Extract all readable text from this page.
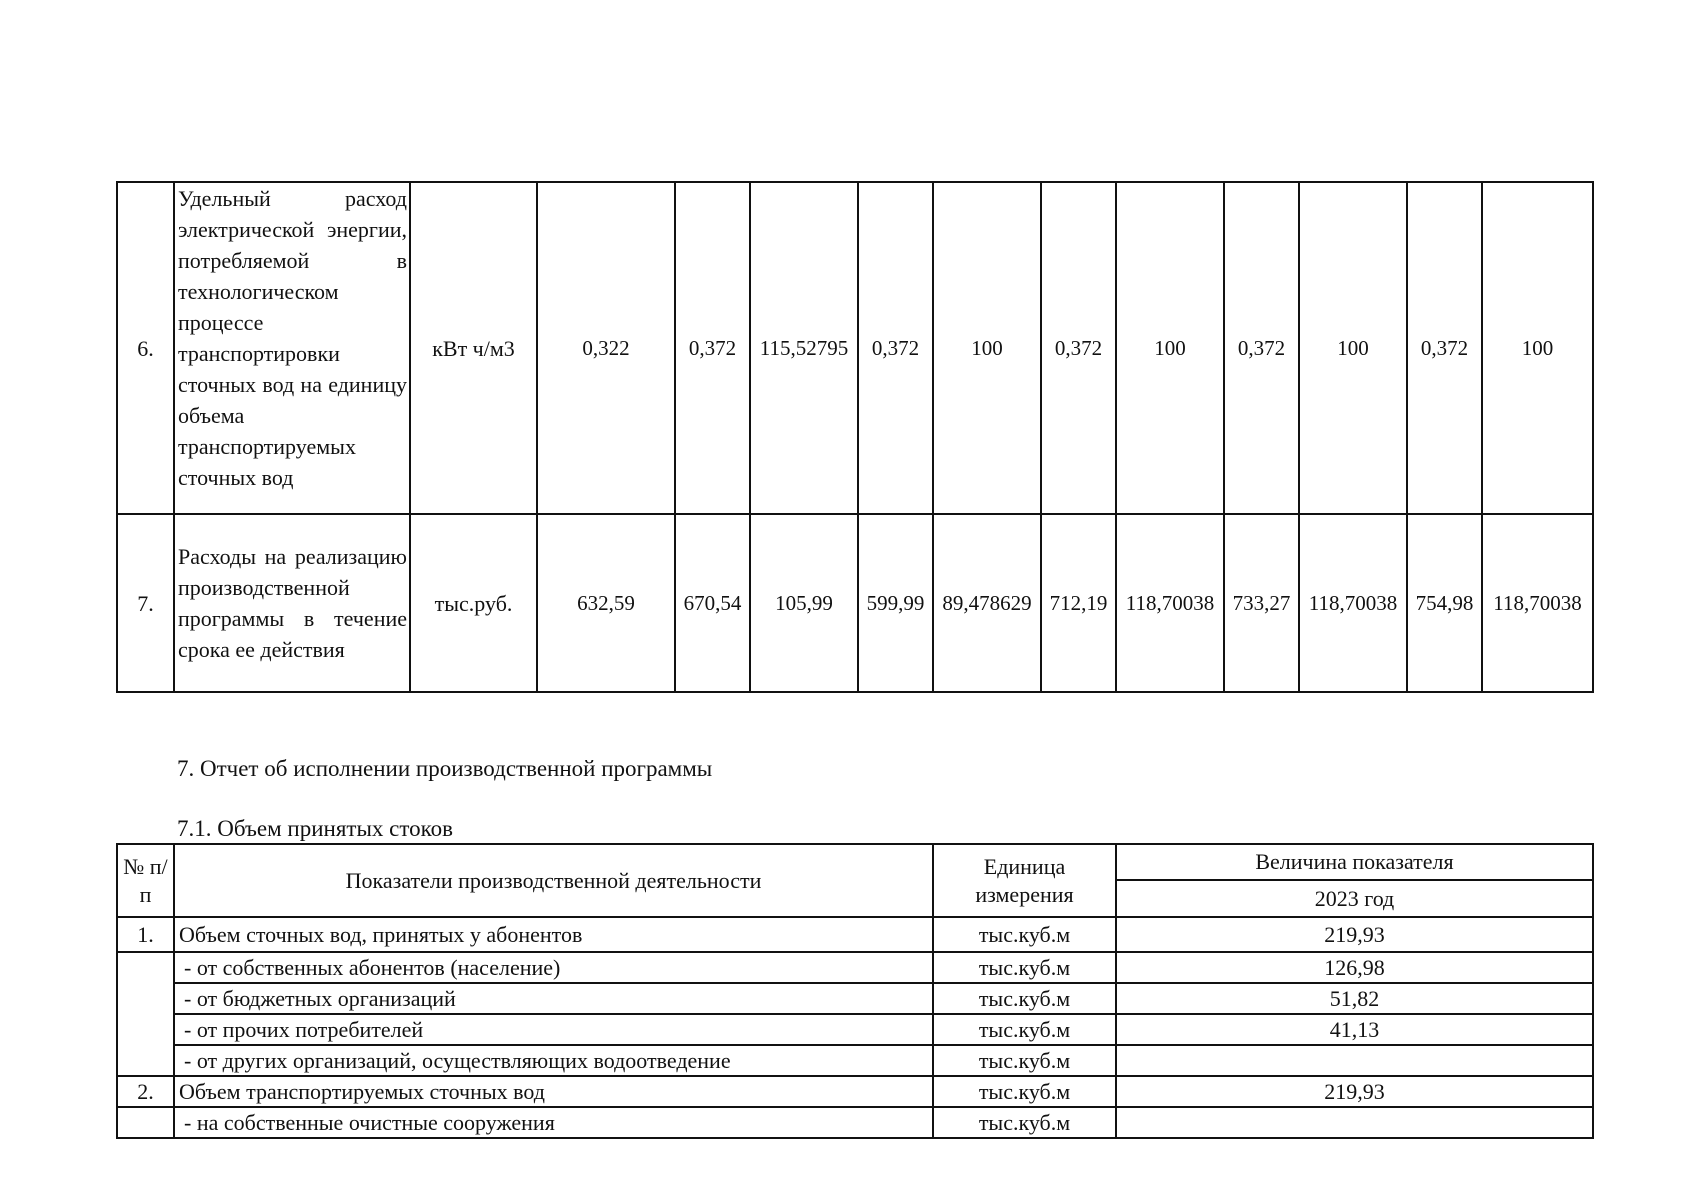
6.	Удельный расход электрической энергии, потребляемой в технологическом процессе транспортировки сточных вод на единицу объема транспортируемых сточных вод	кВт ч/м3	0,322	0,372	115,52795	0,372	100	0,372	100	0,372	100	0,372	100
7.	Расходы на реализацию производственной программы в течение срока ее действия	тыс.руб.	632,59	670,54	105,99	599,99	89,478629	712,19	118,70038	733,27	118,70038	754,98	118,70038
7. Отчет об исполнении производственной программы
7.1. Объем принятых стоков
№ п/п	Показатели производственной деятельности	Единица измерения	Величина показателя
			2023 год
1.	Объем сточных вод, принятых у абонентов	тыс.куб.м	219,93
	- от собственных абонентов (население)	тыс.куб.м	126,98
	- от бюджетных организаций	тыс.куб.м	51,82
	- от прочих потребителей	тыс.куб.м	41,13
	- от других организаций, осуществляющих водоотведение	тыс.куб.м	
2.	Объем транспортируемых сточных вод	тыс.куб.м	219,93
	- на собственные очистные сооружения	тыс.куб.м	
